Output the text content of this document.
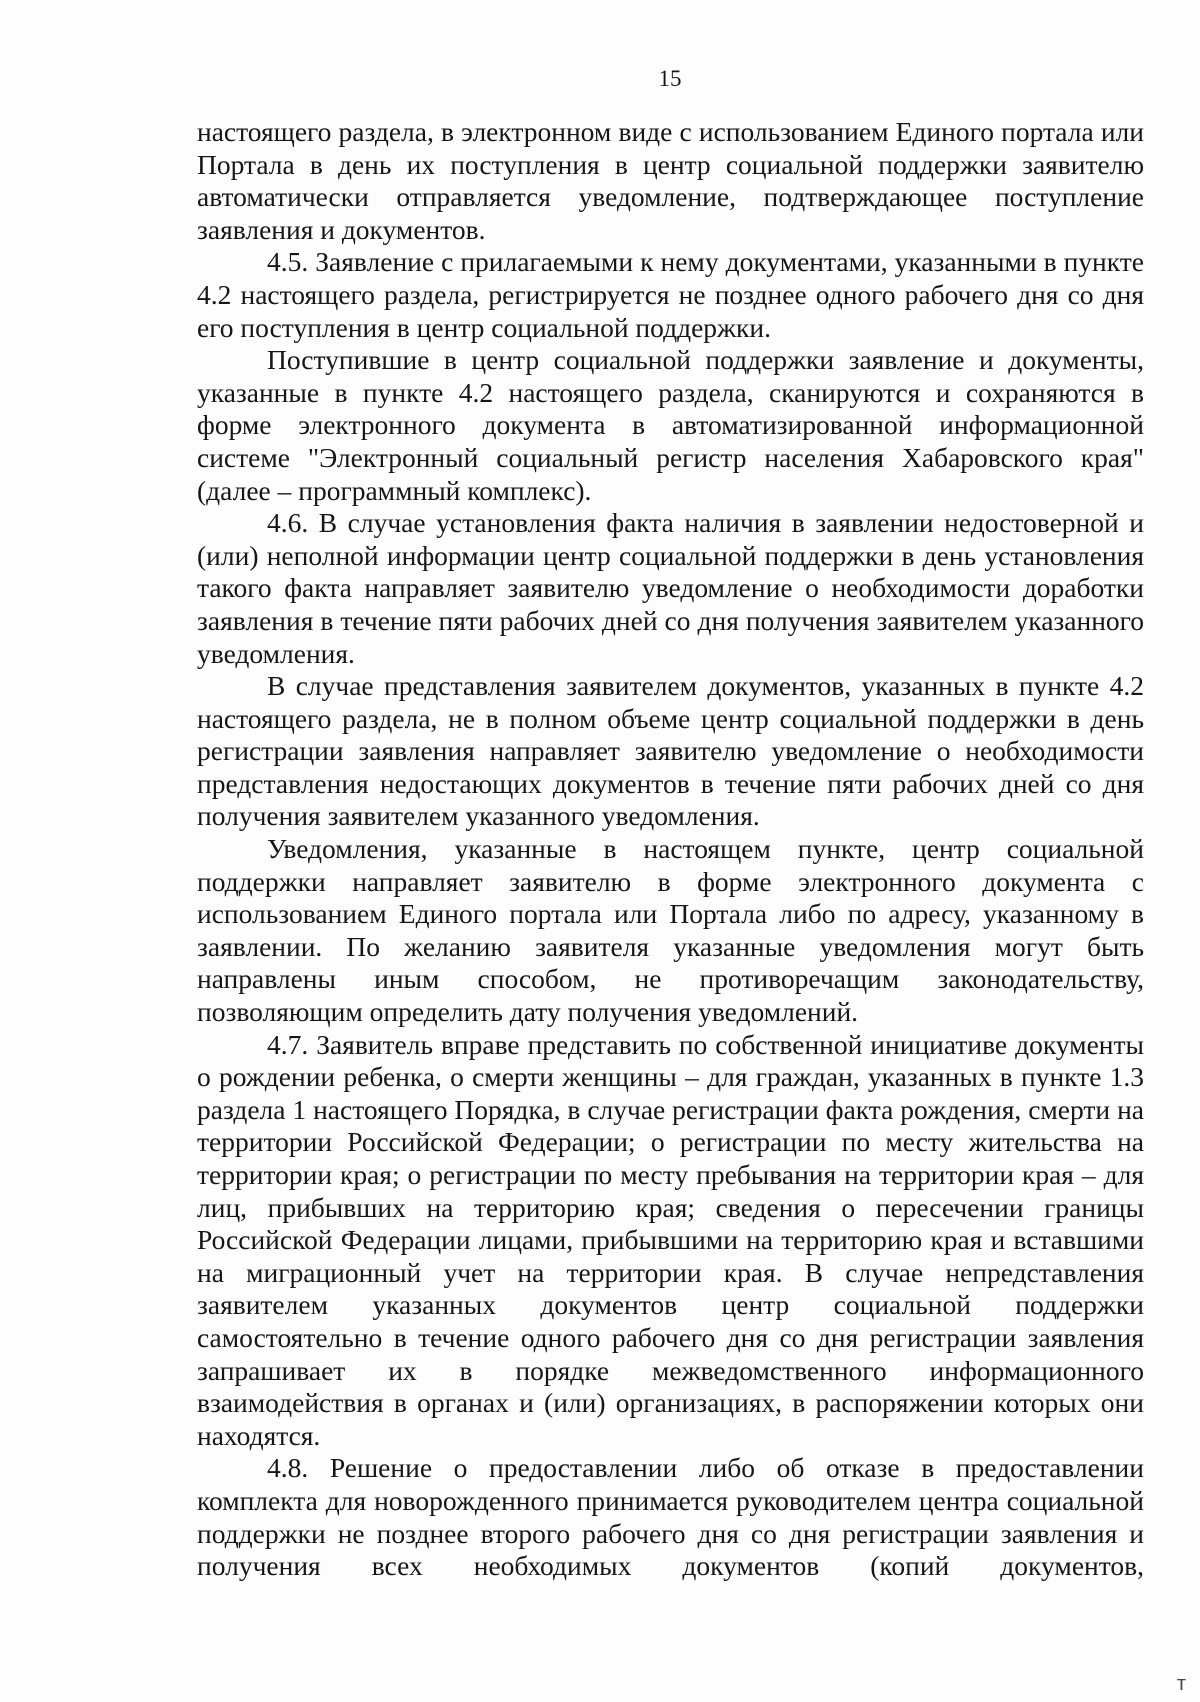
15

настоящего раздела, в электронном виде с использованием Единого портала или Портала в день их поступления в центр социальной поддержки заявителю автоматически отправляется уведомление, подтверждающее поступление заявления и документов.

4.5. Заявление с прилагаемыми к нему документами, указанными в пункте 4.2 настоящего раздела, регистрируется не позднее одного рабочего дня со дня его поступления в центр социальной поддержки.

Поступившие в центр социальной поддержки заявление и документы, указанные в пункте 4.2 настоящего раздела, сканируются и сохраняются в форме электронного документа в автоматизированной информационной системе "Электронный социальный регистр населения Хабаровского края" (далее – программный комплекс).

4.6. В случае установления факта наличия в заявлении недостоверной и (или) неполной информации центр социальной поддержки в день установления такого факта направляет заявителю уведомление о необходимости доработки заявления в течение пяти рабочих дней со дня получения заявителем указанного уведомления.

В случае представления заявителем документов, указанных в пункте 4.2 настоящего раздела, не в полном объеме центр социальной поддержки в день регистрации заявления направляет заявителю уведомление о необходимости представления недостающих документов в течение пяти рабочих дней со дня получения заявителем указанного уведомления.

Уведомления, указанные в настоящем пункте, центр социальной поддержки направляет заявителю в форме электронного документа с использованием Единого портала или Портала либо по адресу, указанному в заявлении. По желанию заявителя указанные уведомления могут быть направлены иным способом, не противоречащим законодательству, позволяющим определить дату получения уведомлений.

4.7. Заявитель вправе представить по собственной инициативе документы о рождении ребенка, о смерти женщины – для граждан, указанных в пункте 1.3 раздела 1 настоящего Порядка, в случае регистрации факта рождения, смерти на территории Российской Федерации; о регистрации по месту жительства на территории края; о регистрации по месту пребывания на территории края – для лиц, прибывших на территорию края; сведения о пересечении границы Российской Федерации лицами, прибывшими на территорию края и вставшими на миграционный учет на территории края. В случае непредставления заявителем указанных документов центр социальной поддержки самостоятельно в течение одного рабочего дня со дня регистрации заявления запрашивает их в порядке межведомственного информационного взаимодействия в органах и (или) организациях, в распоряжении которых они находятся.

4.8. Решение о предоставлении либо об отказе в предоставлении комплекта для новорожденного принимается руководителем центра социальной поддержки не позднее второго рабочего дня со дня регистрации заявления и получения всех необходимых документов (копий документов,

т
